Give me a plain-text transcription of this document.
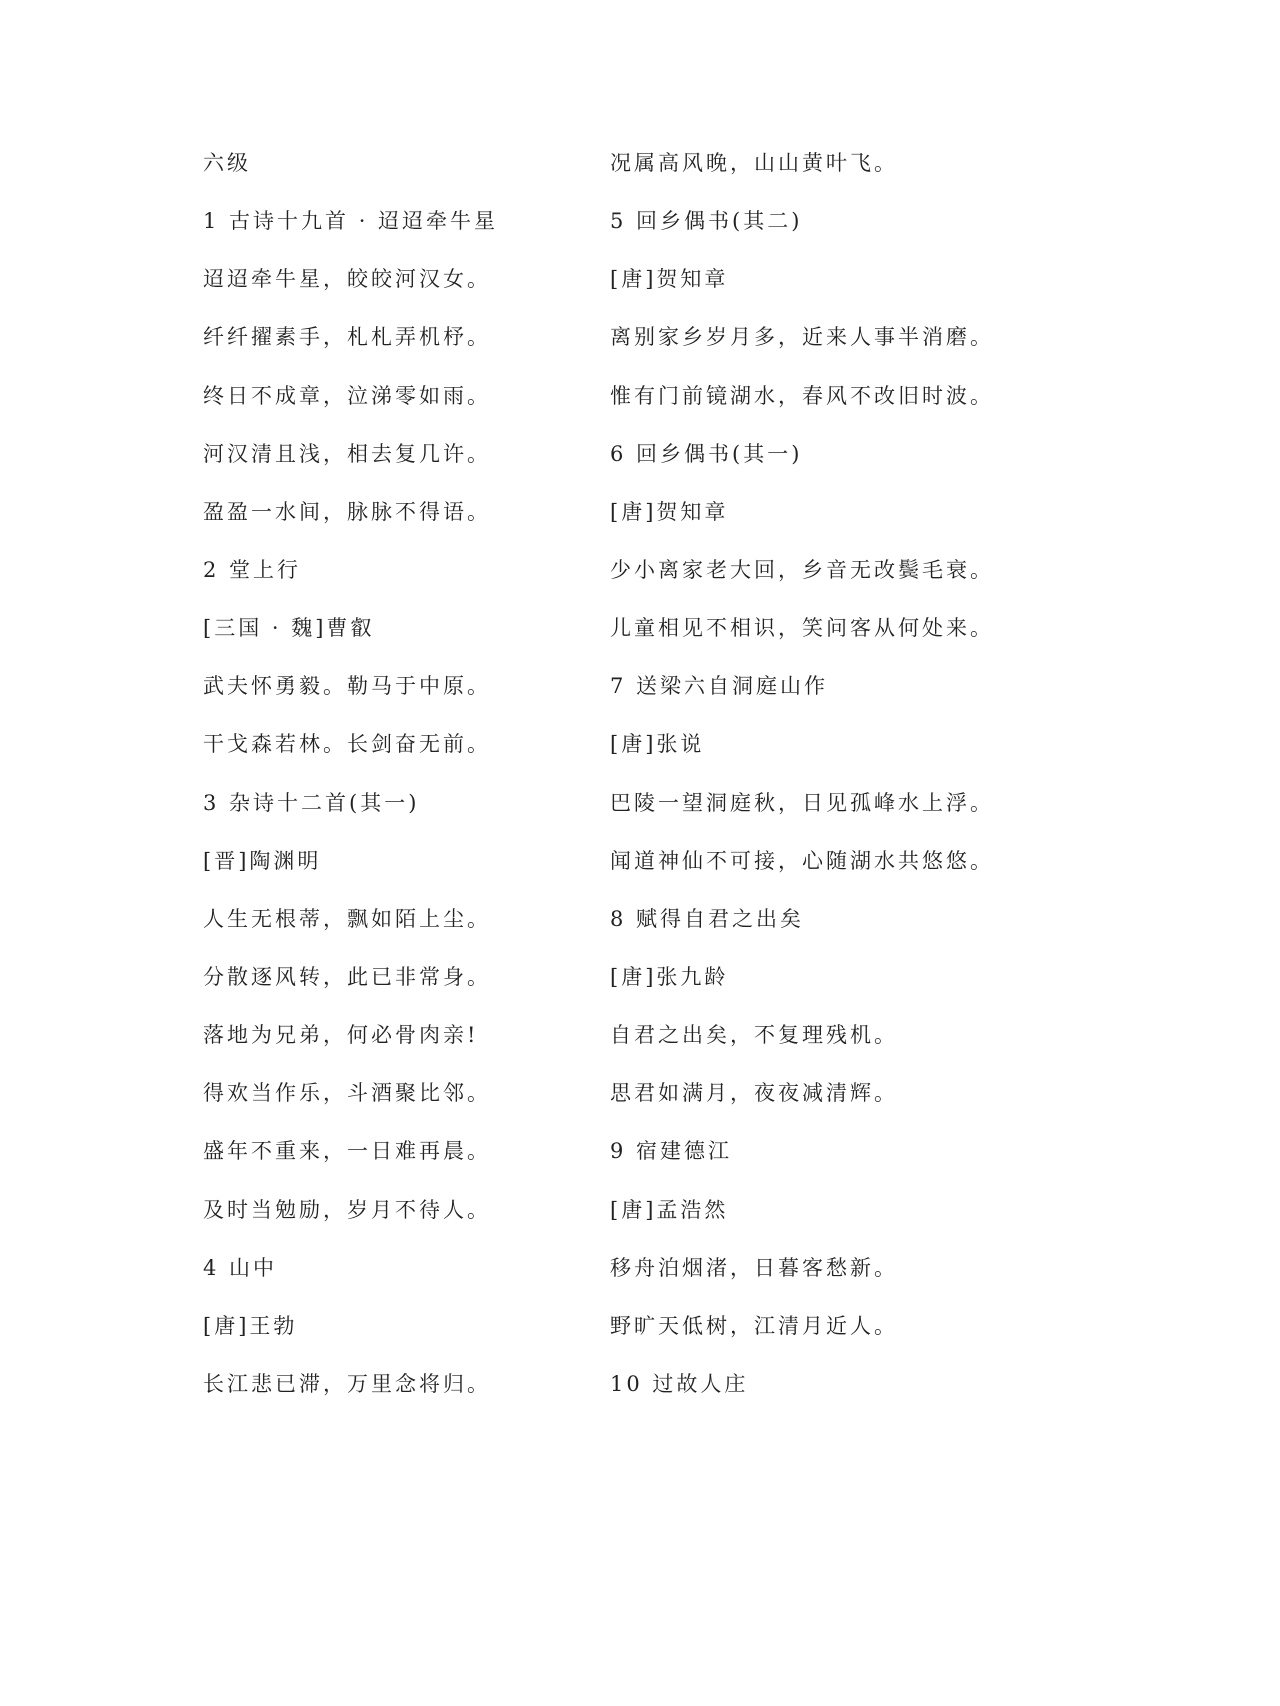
六级
1 古诗十九首 · 迢迢牵牛星
迢迢牵牛星，皎皎河汉女。
纤纤擢素手，札札弄机杼。
终日不成章，泣涕零如雨。
河汉清且浅，相去复几许。
盈盈一水间，脉脉不得语。
2 堂上行
[三国 · 魏]曹叡
武夫怀勇毅。勒马于中原。
干戈森若林。长剑奋无前。
3 杂诗十二首(其一)
[晋]陶渊明
人生无根蒂，飘如陌上尘。
分散逐风转，此已非常身。
落地为兄弟，何必骨肉亲!
得欢当作乐，斗酒聚比邻。
盛年不重来，一日难再晨。
及时当勉励，岁月不待人。
4 山中
[唐]王勃
长江悲已滞，万里念将归。
况属高风晚，山山黄叶飞。
5 回乡偶书(其二)
[唐]贺知章
离别家乡岁月多，近来人事半消磨。
惟有门前镜湖水，春风不改旧时波。
6 回乡偶书(其一)
[唐]贺知章
少小离家老大回，乡音无改鬓毛衰。
儿童相见不相识，笑问客从何处来。
7 送梁六自洞庭山作
[唐]张说
巴陵一望洞庭秋，日见孤峰水上浮。
闻道神仙不可接，心随湖水共悠悠。
8 赋得自君之出矣
[唐]张九龄
自君之出矣，不复理残机。
思君如满月，夜夜减清辉。
9 宿建德江
[唐]孟浩然
移舟泊烟渚，日暮客愁新。
野旷天低树，江清月近人。
10 过故人庄
